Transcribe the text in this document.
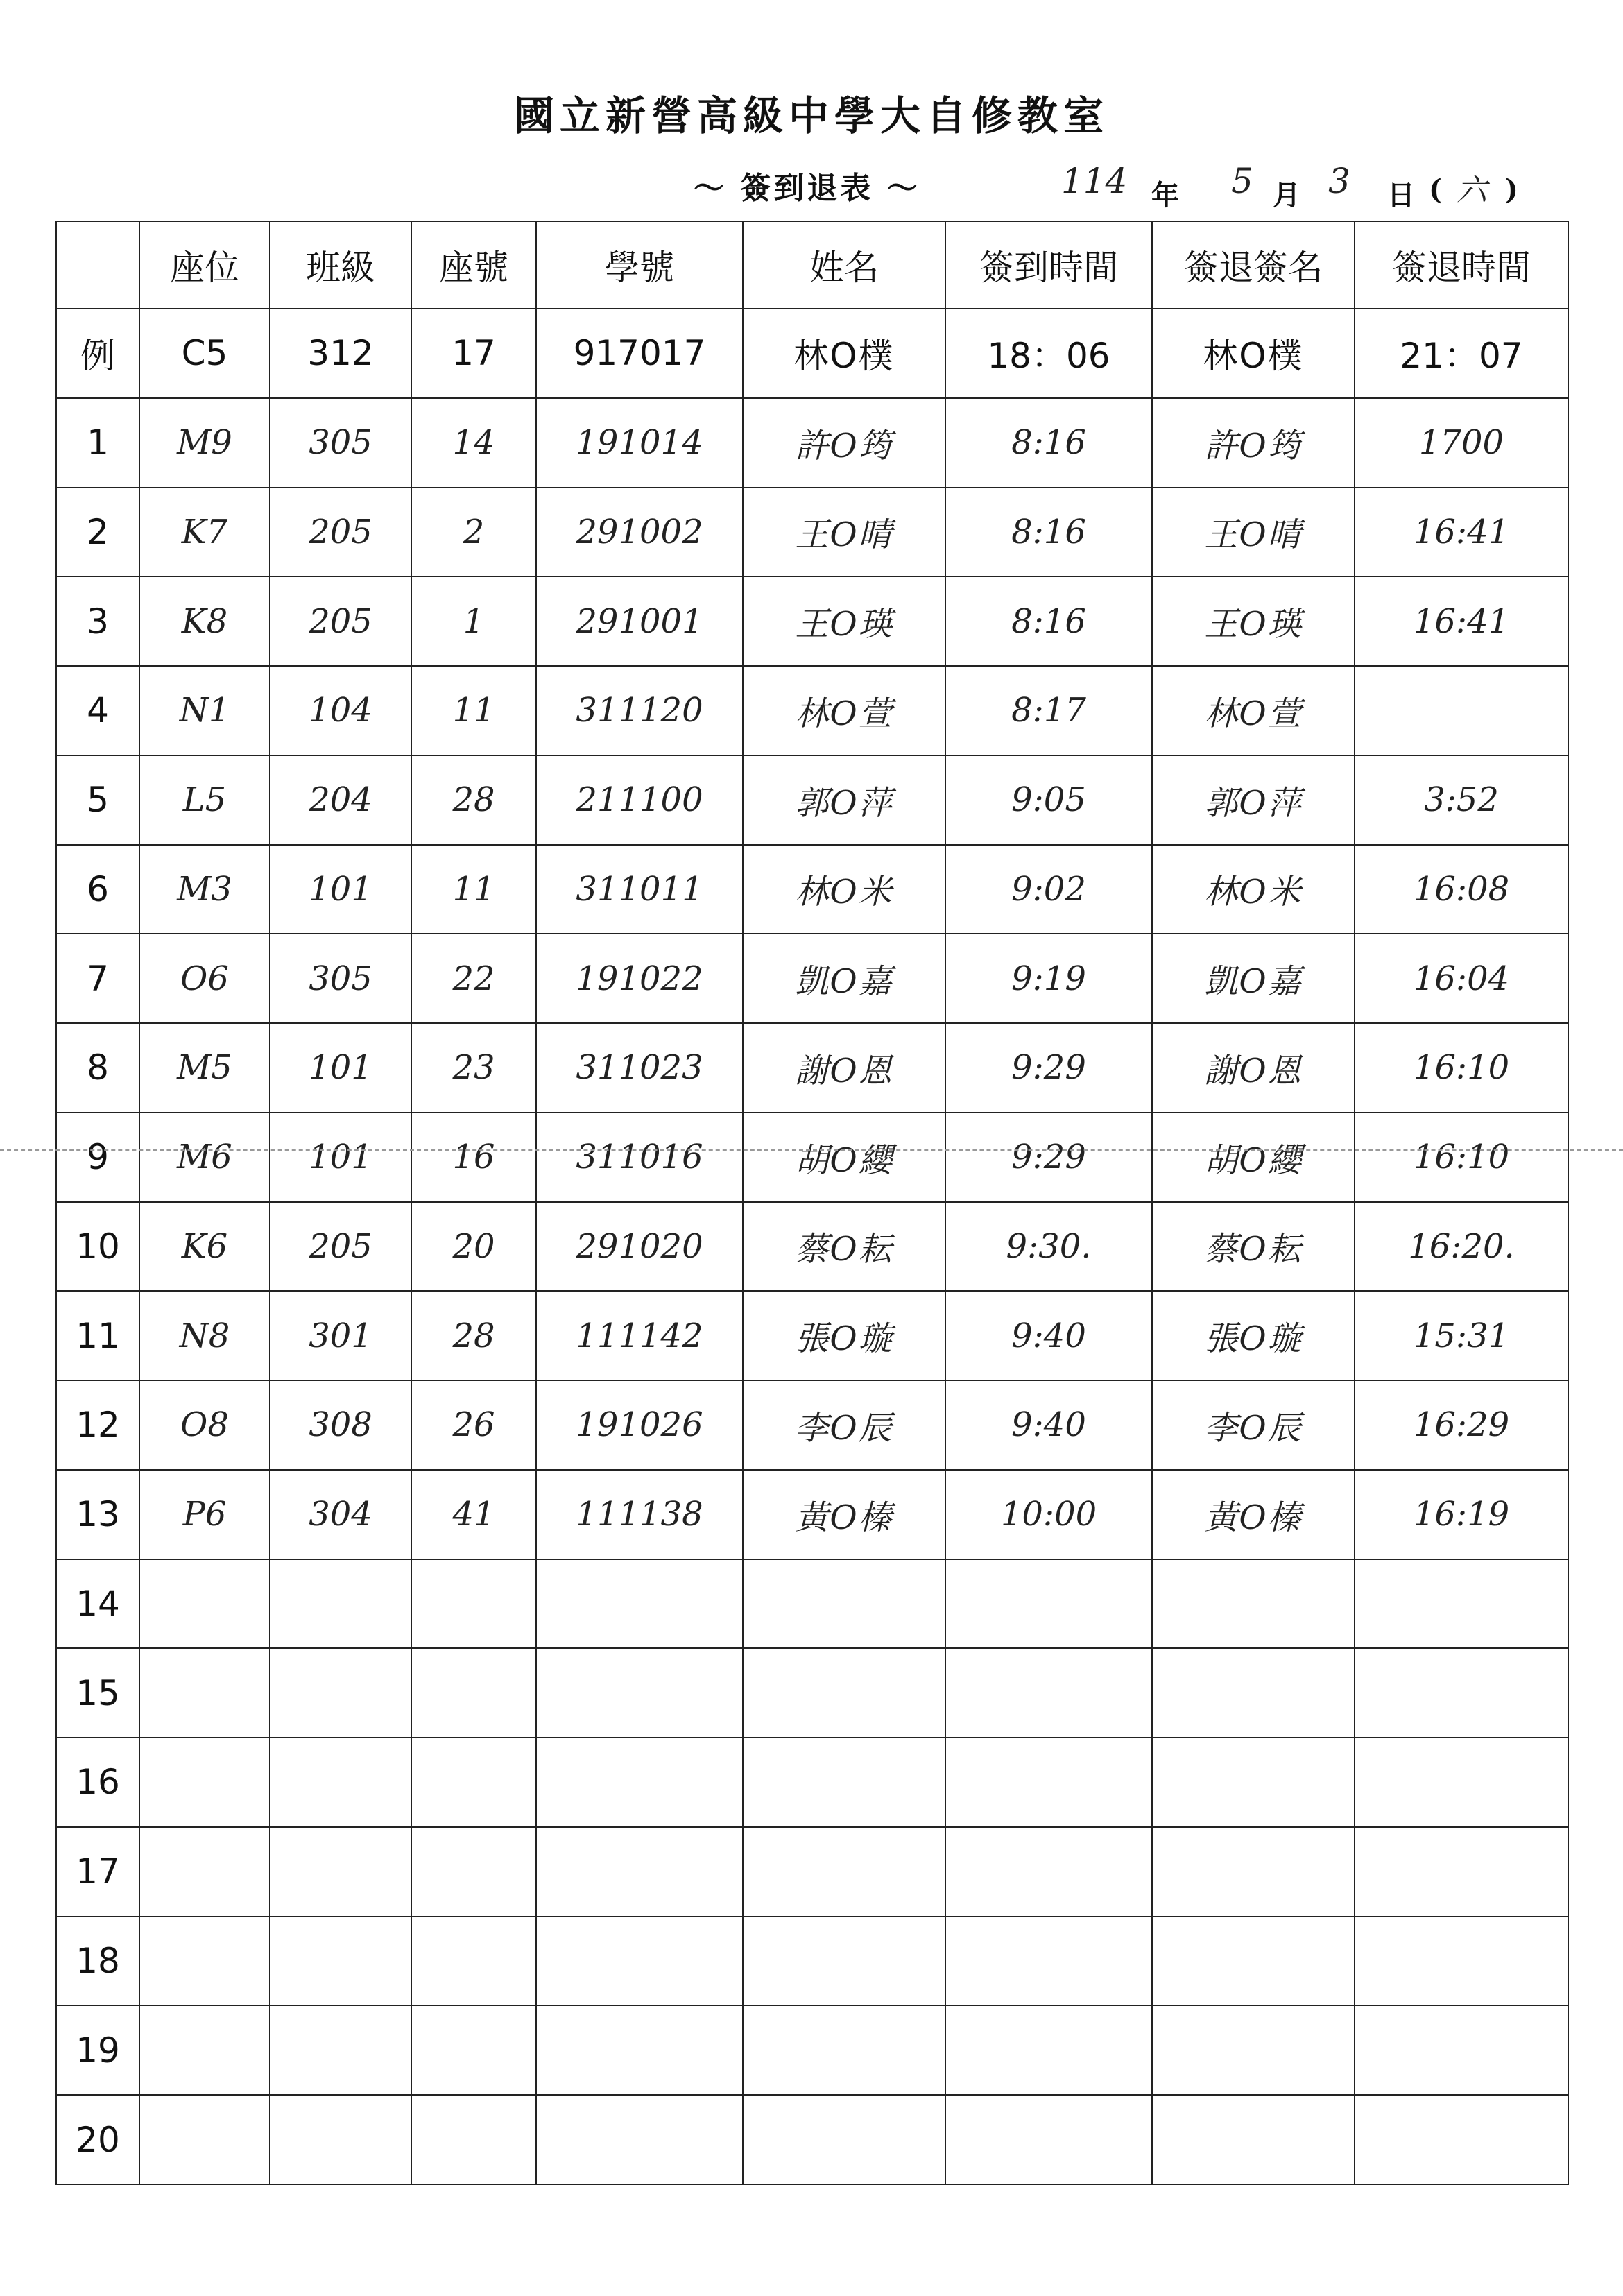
國立新營高級中學大自修教室
～ 簽到退表 ～	114 年 5 月 3 日 ( 六 )
	座位	班級	座號	學號	姓名	簽到時間	簽退簽名	簽退時間
例	C5	312	17	917017	林O樸	18：06	林O樸	21：07
1	M9	305	14	191014	許O筠	8:16	許O筠	1700
2	K7	205	2	291002	王O晴	8:16	王O晴	16:41
3	K8	205	1	291001	王O瑛	8:16	王O瑛	16:41
4	N1	104	11	311120	林O萱	8:17	林O萱	
5	L5	204	28	211100	郭O萍	9:05	郭O萍	3:52
6	M3	101	11	311011	林O米	9:02	林O米	16:08
7	O6	305	22	191022	凱O嘉	9:19	凱O嘉	16:04
8	M5	101	23	311023	謝O恩	9:29	謝O恩	16:10
9	M6	101	16	311016	胡O纓	9:29	胡O纓	16:10
10	K6	205	20	291020	蔡O耘	9:30.	蔡O耘	16:20.
11	N8	301	28	111142	張O璇	9:40	張O璇	15:31
12	O8	308	26	191026	李O辰	9:40	李O辰	16:29
13	P6	304	41	111138	黃O榛	10:00	黃O榛	16:19
14								
15								
16								
17								
18								
19								
20								
